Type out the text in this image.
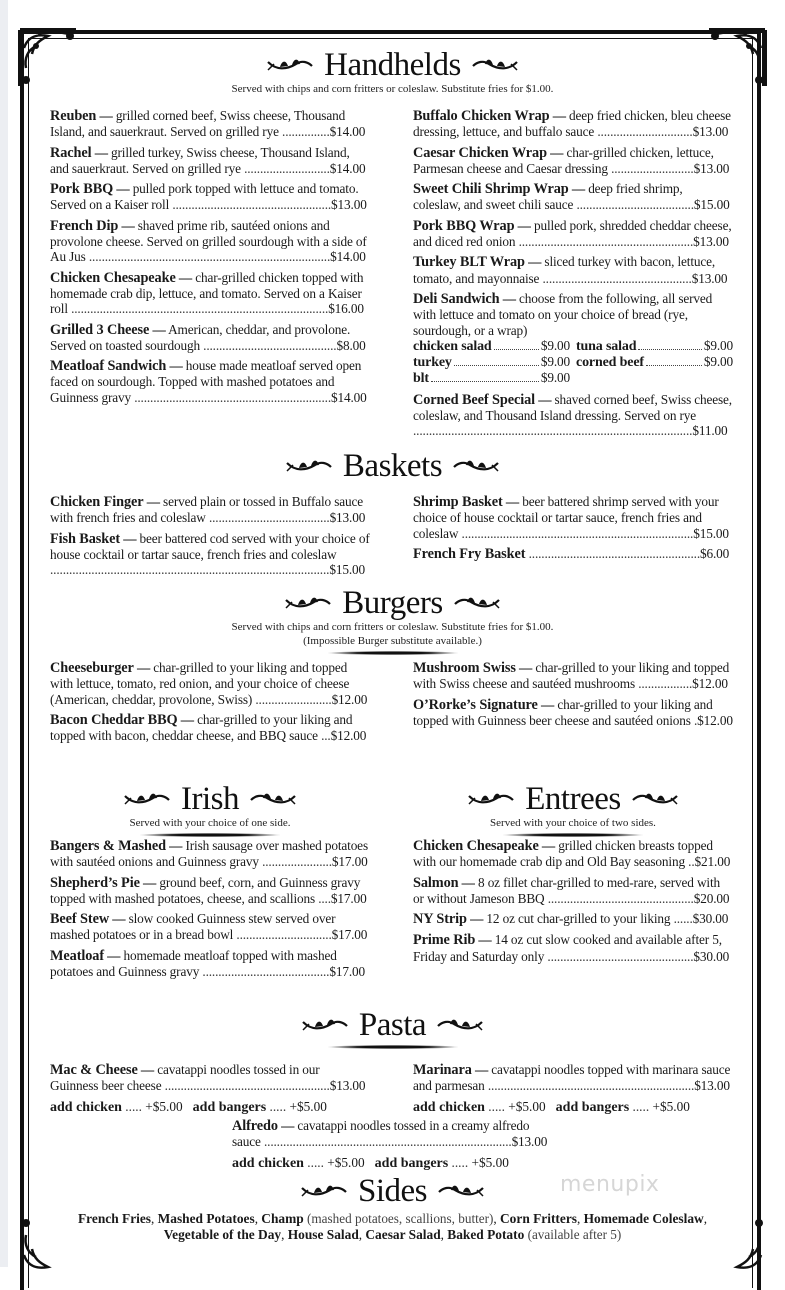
Handhelds
Served with chips and corn fritters or coleslaw. Substitute fries for $1.00.
Baskets
Burgers
Served with chips and corn fritters or coleslaw. Substitute fries for $1.00.
(Impossible Burger substitute available.)
Irish
Served with your choice of one side.
Entrees
Served with your choice of two sides.
Pasta
Sides
Reuben — grilled corned beef, Swiss cheese, Thousand Island, and sauerkraut. Served on grilled rye ...............$14.00
Rachel — grilled turkey, Swiss cheese, Thousand Island, and sauerkraut. Served on grilled rye ...........................$14.00
Pork BBQ — pulled pork topped with lettuce and tomato. Served on a Kaiser roll ..................................................$13.00
French Dip — shaved prime rib, sautéed onions and provolone cheese. Served on grilled sourdough with a side of Au Jus ............................................................................$14.00
Chicken Chesapeake — char-grilled chicken topped with homemade crab dip, lettuce, and tomato. Served on a Kaiser roll .................................................................................$16.00
Grilled 3 Cheese — American, cheddar, and provolone. Served on toasted sourdough ..........................................$8.00
Meatloaf Sandwich — house made meatloaf served open faced on sourdough. Topped with mashed potatoes and Guinness gravy ..............................................................$14.00
Buffalo Chicken Wrap — deep fried chicken, bleu cheese dressing, lettuce, and buffalo sauce ..............................$13.00
Caesar Chicken Wrap — char-grilled chicken, lettuce, Parmesan cheese and Caesar dressing ..........................$13.00
Sweet Chili Shrimp Wrap — deep fried shrimp, coleslaw, and sweet chili sauce .....................................$15.00
Pork BBQ Wrap — pulled pork, shredded cheddar cheese, and diced red onion .......................................................$13.00
Turkey BLT Wrap — sliced turkey with bacon, lettuce, tomato, and mayonnaise ...............................................$13.00
Deli Sandwich — choose from the following, all served with lettuce and tomato on your choice of bread (rye, sourdough, or a wrap)
chicken salad	$9.00 tuna salad	$9.00
turkey	$9.00 corned beef	$9.00
blt	$9.00
Corned Beef Special — shaved corned beef, Swiss cheese, coleslaw, and Thousand Island dressing. Served on rye ........................................................................................$11.00
Chicken Finger — served plain or tossed in Buffalo sauce with french fries and coleslaw ......................................$13.00
Fish Basket — beer battered cod served with your choice of house cocktail or tartar sauce, french fries and coleslaw ........................................................................................$15.00
Shrimp Basket — beer battered shrimp served with your choice of house cocktail or tartar sauce, french fries and coleslaw .........................................................................$15.00
French Fry Basket ......................................................$6.00
Cheeseburger — char-grilled to your liking and topped with lettuce, tomato, red onion, and your choice of cheese (American, cheddar, provolone, Swiss) ........................$12.00
Bacon Cheddar BBQ — char-grilled to your liking and topped with bacon, cheddar cheese, and BBQ sauce ...$12.00
Mushroom Swiss — char-grilled to your liking and topped with Swiss cheese and sautéed mushrooms .................$12.00
O’Rorke’s Signature — char-grilled to your liking and topped with Guinness beer cheese and sautéed onions .$12.00
Bangers & Mashed — Irish sausage over mashed potatoes with sautéed onions and Guinness gravy ......................$17.00
Shepherd’s Pie — ground beef, corn, and Guinness gravy topped with mashed potatoes, cheese, and scallions ....$17.00
Beef Stew — slow cooked Guinness stew served over mashed potatoes or in a bread bowl ..............................$17.00
Meatloaf — homemade meatloaf topped with mashed potatoes and Guinness gravy ........................................$17.00
Chicken Chesapeake — grilled chicken breasts topped with our homemade crab dip and Old Bay seasoning ..$21.00
Salmon — 8 oz fillet char-grilled to med-rare, served with or without Jameson BBQ ..............................................$20.00
NY Strip — 12 oz cut char-grilled to your liking ......$30.00
Prime Rib — 14 oz cut slow cooked and available after 5, Friday and Saturday only ..............................................$30.00
Mac & Cheese — cavatappi noodles tossed in our Guinness beer cheese ....................................................$13.00
add chicken ..... +$5.00 add bangers ..... +$5.00
Marinara — cavatappi noodles topped with marinara sauce and parmesan .................................................................$13.00
add chicken ..... +$5.00 add bangers ..... +$5.00
Alfredo — cavatappi noodles tossed in a creamy alfredo sauce ..............................................................................$13.00
add chicken ..... +$5.00 add bangers ..... +$5.00
French Fries, Mashed Potatoes, Champ (mashed potatoes, scallions, butter), Corn Fritters, Homemade Coleslaw,
Vegetable of the Day, House Salad, Caesar Salad, Baked Potato (available after 5)
menupix
